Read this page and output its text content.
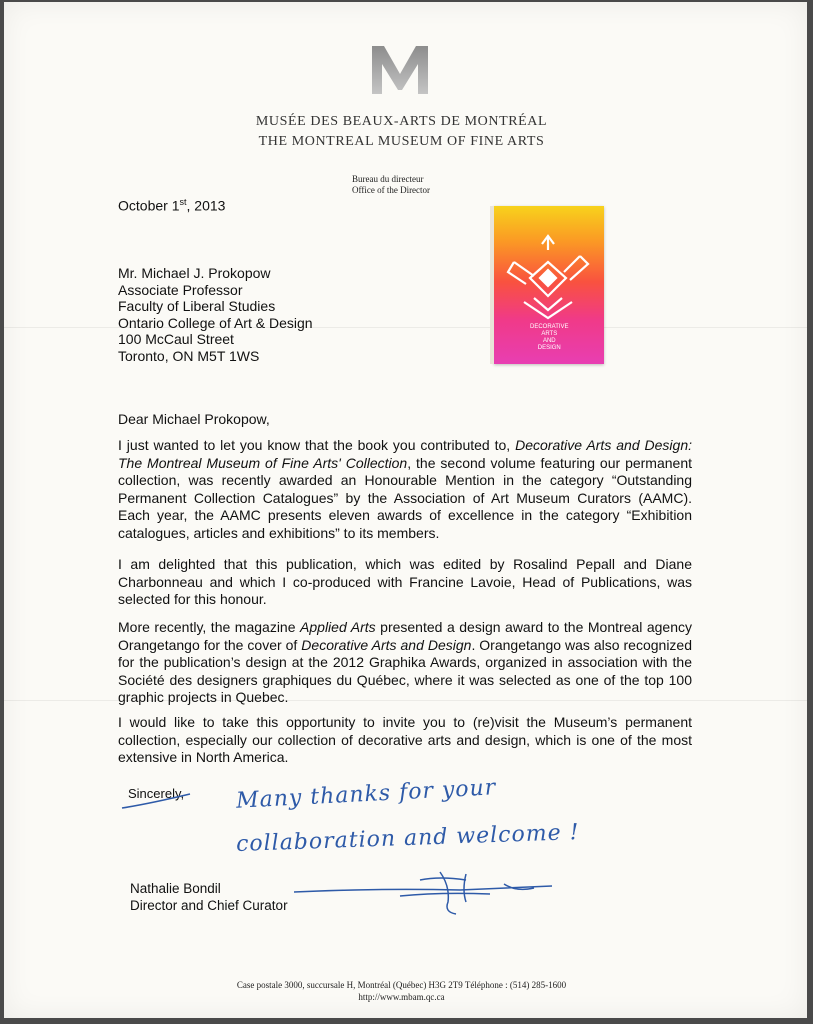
MUSÉE DES BEAUX-ARTS DE MONTRÉAL
THE MONTREAL MUSEUM OF FINE ARTS
Bureau du directeur
Office of the Director
October 1st, 2013
Mr. Michael J. Prokopow
Associate Professor
Faculty of Liberal Studies
Ontario College of Art & Design
100 McCaul Street
Toronto, ON M5T 1WS
DECORATIVE
ARTS
AND
DESIGN
Dear Michael Prokopow,
I just wanted to let you know that the book you contributed to, Decorative Arts and Design: The Montreal Museum of Fine Arts' Collection, the second volume featuring our permanent collection, was recently awarded an Honourable Mention in the category “Outstanding Permanent Collection Catalogues” by the Association of Art Museum Curators (AAMC). Each year, the AAMC presents eleven awards of excellence in the category “Exhibition catalogues, articles and exhibitions” to its members.
I am delighted that this publication, which was edited by Rosalind Pepall and Diane Charbonneau and which I co-produced with Francine Lavoie, Head of Publications, was selected for this honour.
More recently, the magazine Applied Arts presented a design award to the Montreal agency Orangetango for the cover of Decorative Arts and Design. Orangetango was also recognized for the publication’s design at the 2012 Graphika Awards, organized in association with the Société des designers graphiques du Québec, where it was selected as one of the top 100 graphic projects in Quebec.
I would like to take this opportunity to invite you to (re)visit the Museum’s permanent collection, especially our collection of decorative arts and design, which is one of the most extensive in North America.
Sincerely, Many thanks for your
collaboration and welcome !
Nathalie Bondil
Director and Chief Curator
Case postale 3000, succursale H, Montréal (Québec) H3G 2T9 Téléphone : (514) 285-1600
http://www.mbam.qc.ca
